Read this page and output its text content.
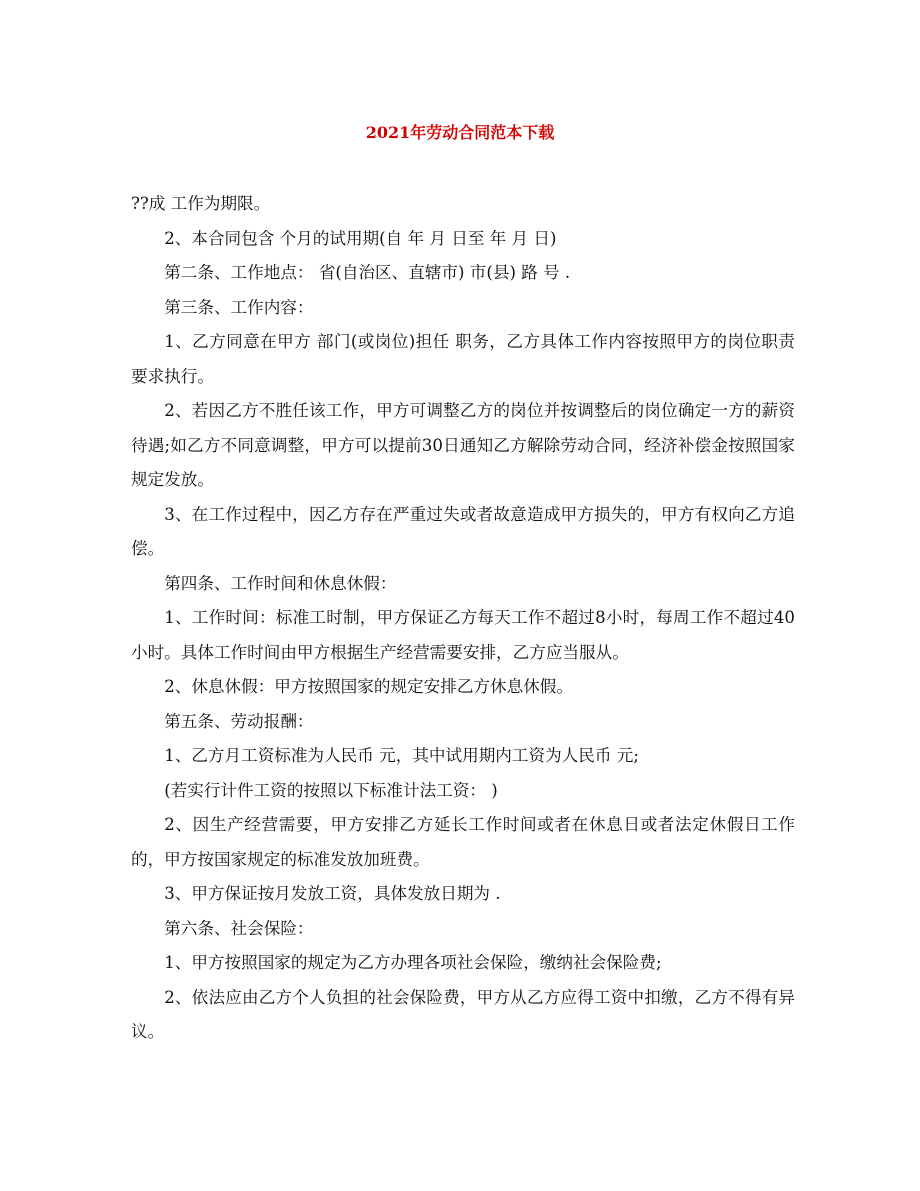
2021年劳动合同范本下载

??成 工作为期限。

2、本合同包含 个月的试用期(自 年 月 日至 年 月 日)

第二条、工作地点： 省(自治区、直辖市) 市(县) 路 号 .

第三条、工作内容：

1、乙方同意在甲方 部门(或岗位)担任 职务，乙方具体工作内容按照甲方的岗位职责要求执行。

2、若因乙方不胜任该工作，甲方可调整乙方的岗位并按调整后的岗位确定一方的薪资待遇;如乙方不同意调整，甲方可以提前30日通知乙方解除劳动合同，经济补偿金按照国家规定发放。

3、在工作过程中，因乙方存在严重过失或者故意造成甲方损失的，甲方有权向乙方追偿。

第四条、工作时间和休息休假：

1、工作时间：标准工时制，甲方保证乙方每天工作不超过8小时，每周工作不超过40小时。具体工作时间由甲方根据生产经营需要安排，乙方应当服从。

2、休息休假：甲方按照国家的规定安排乙方休息休假。

第五条、劳动报酬：

1、乙方月工资标准为人民币 元，其中试用期内工资为人民币 元;

(若实行计件工资的按照以下标准计法工资： )

2、因生产经营需要，甲方安排乙方延长工作时间或者在休息日或者法定休假日工作的，甲方按国家规定的标准发放加班费。

3、甲方保证按月发放工资，具体发放日期为 .

第六条、社会保险：

1、甲方按照国家的规定为乙方办理各项社会保险，缴纳社会保险费;

2、依法应由乙方个人负担的社会保险费，甲方从乙方应得工资中扣缴，乙方不得有异议。
